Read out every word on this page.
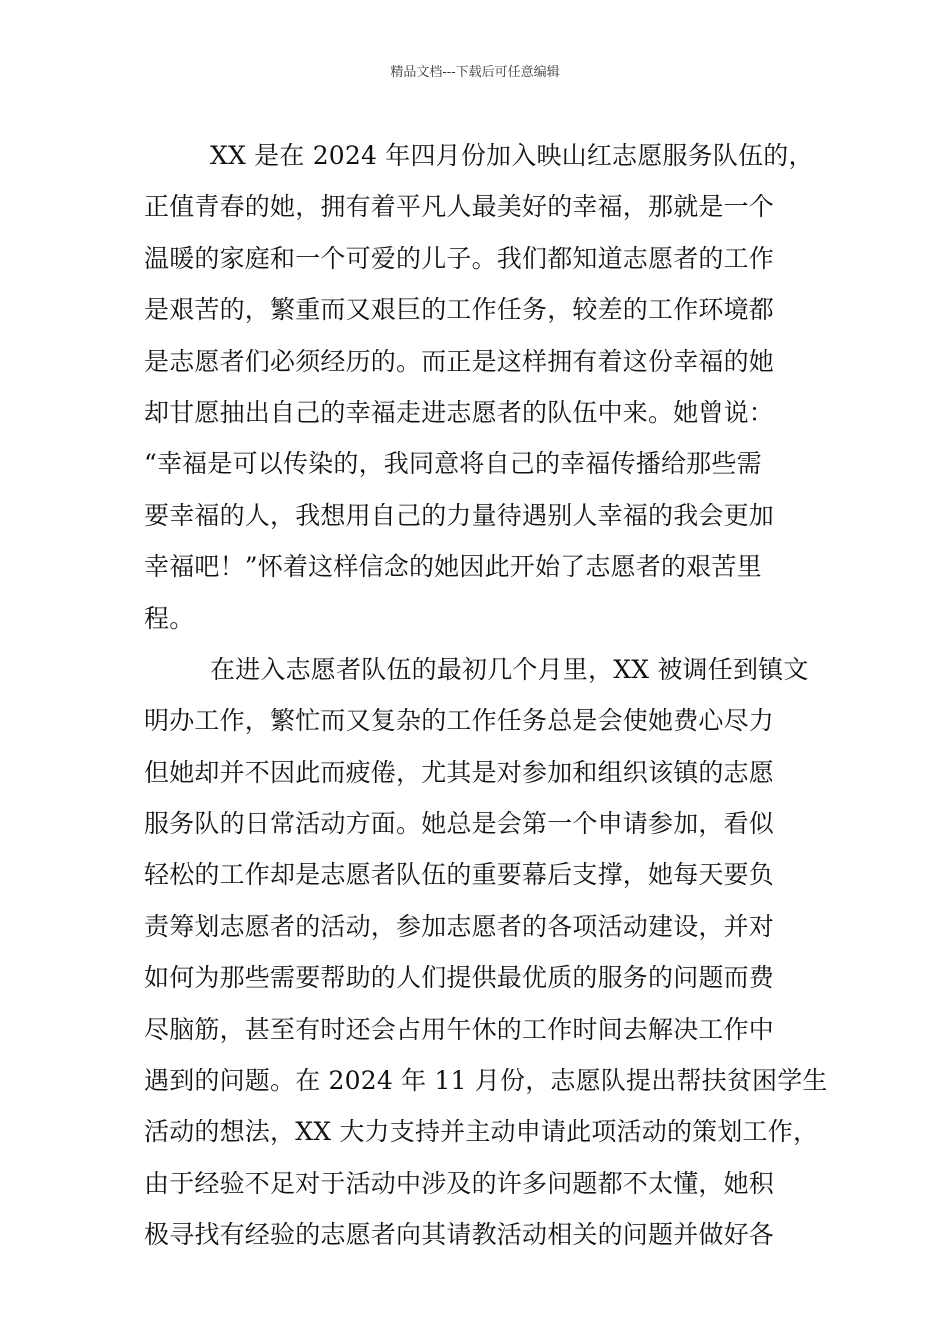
精品文档---下载后可任意编辑
XX 是在 2024 年四月份加入映山红志愿服务队伍的，
正值青春的她，拥有着平凡人最美好的幸福，那就是一个
温暖的家庭和一个可爱的儿子。我们都知道志愿者的工作
是艰苦的，繁重而又艰巨的工作任务，较差的工作环境都
是志愿者们必须经历的。而正是这样拥有着这份幸福的她
却甘愿抽出自己的幸福走进志愿者的队伍中来。她曾说：
“幸福是可以传染的，我同意将自己的幸福传播给那些需
要幸福的人，我想用自己的力量待遇别人幸福的我会更加
幸福吧！”怀着这样信念的她因此开始了志愿者的艰苦里
程。
在进入志愿者队伍的最初几个月里，XX 被调任到镇文
明办工作，繁忙而又复杂的工作任务总是会使她费心尽力
但她却并不因此而疲倦，尤其是对参加和组织该镇的志愿
服务队的日常活动方面。她总是会第一个申请参加，看似
轻松的工作却是志愿者队伍的重要幕后支撑，她每天要负
责筹划志愿者的活动，参加志愿者的各项活动建设，并对
如何为那些需要帮助的人们提供最优质的服务的问题而费
尽脑筋，甚至有时还会占用午休的工作时间去解决工作中
遇到的问题。在 2024 年 11 月份，志愿队提出帮扶贫困学生
活动的想法，XX 大力支持并主动申请此项活动的策划工作，
由于经验不足对于活动中涉及的许多问题都不太懂，她积
极寻找有经验的志愿者向其请教活动相关的问题并做好各
